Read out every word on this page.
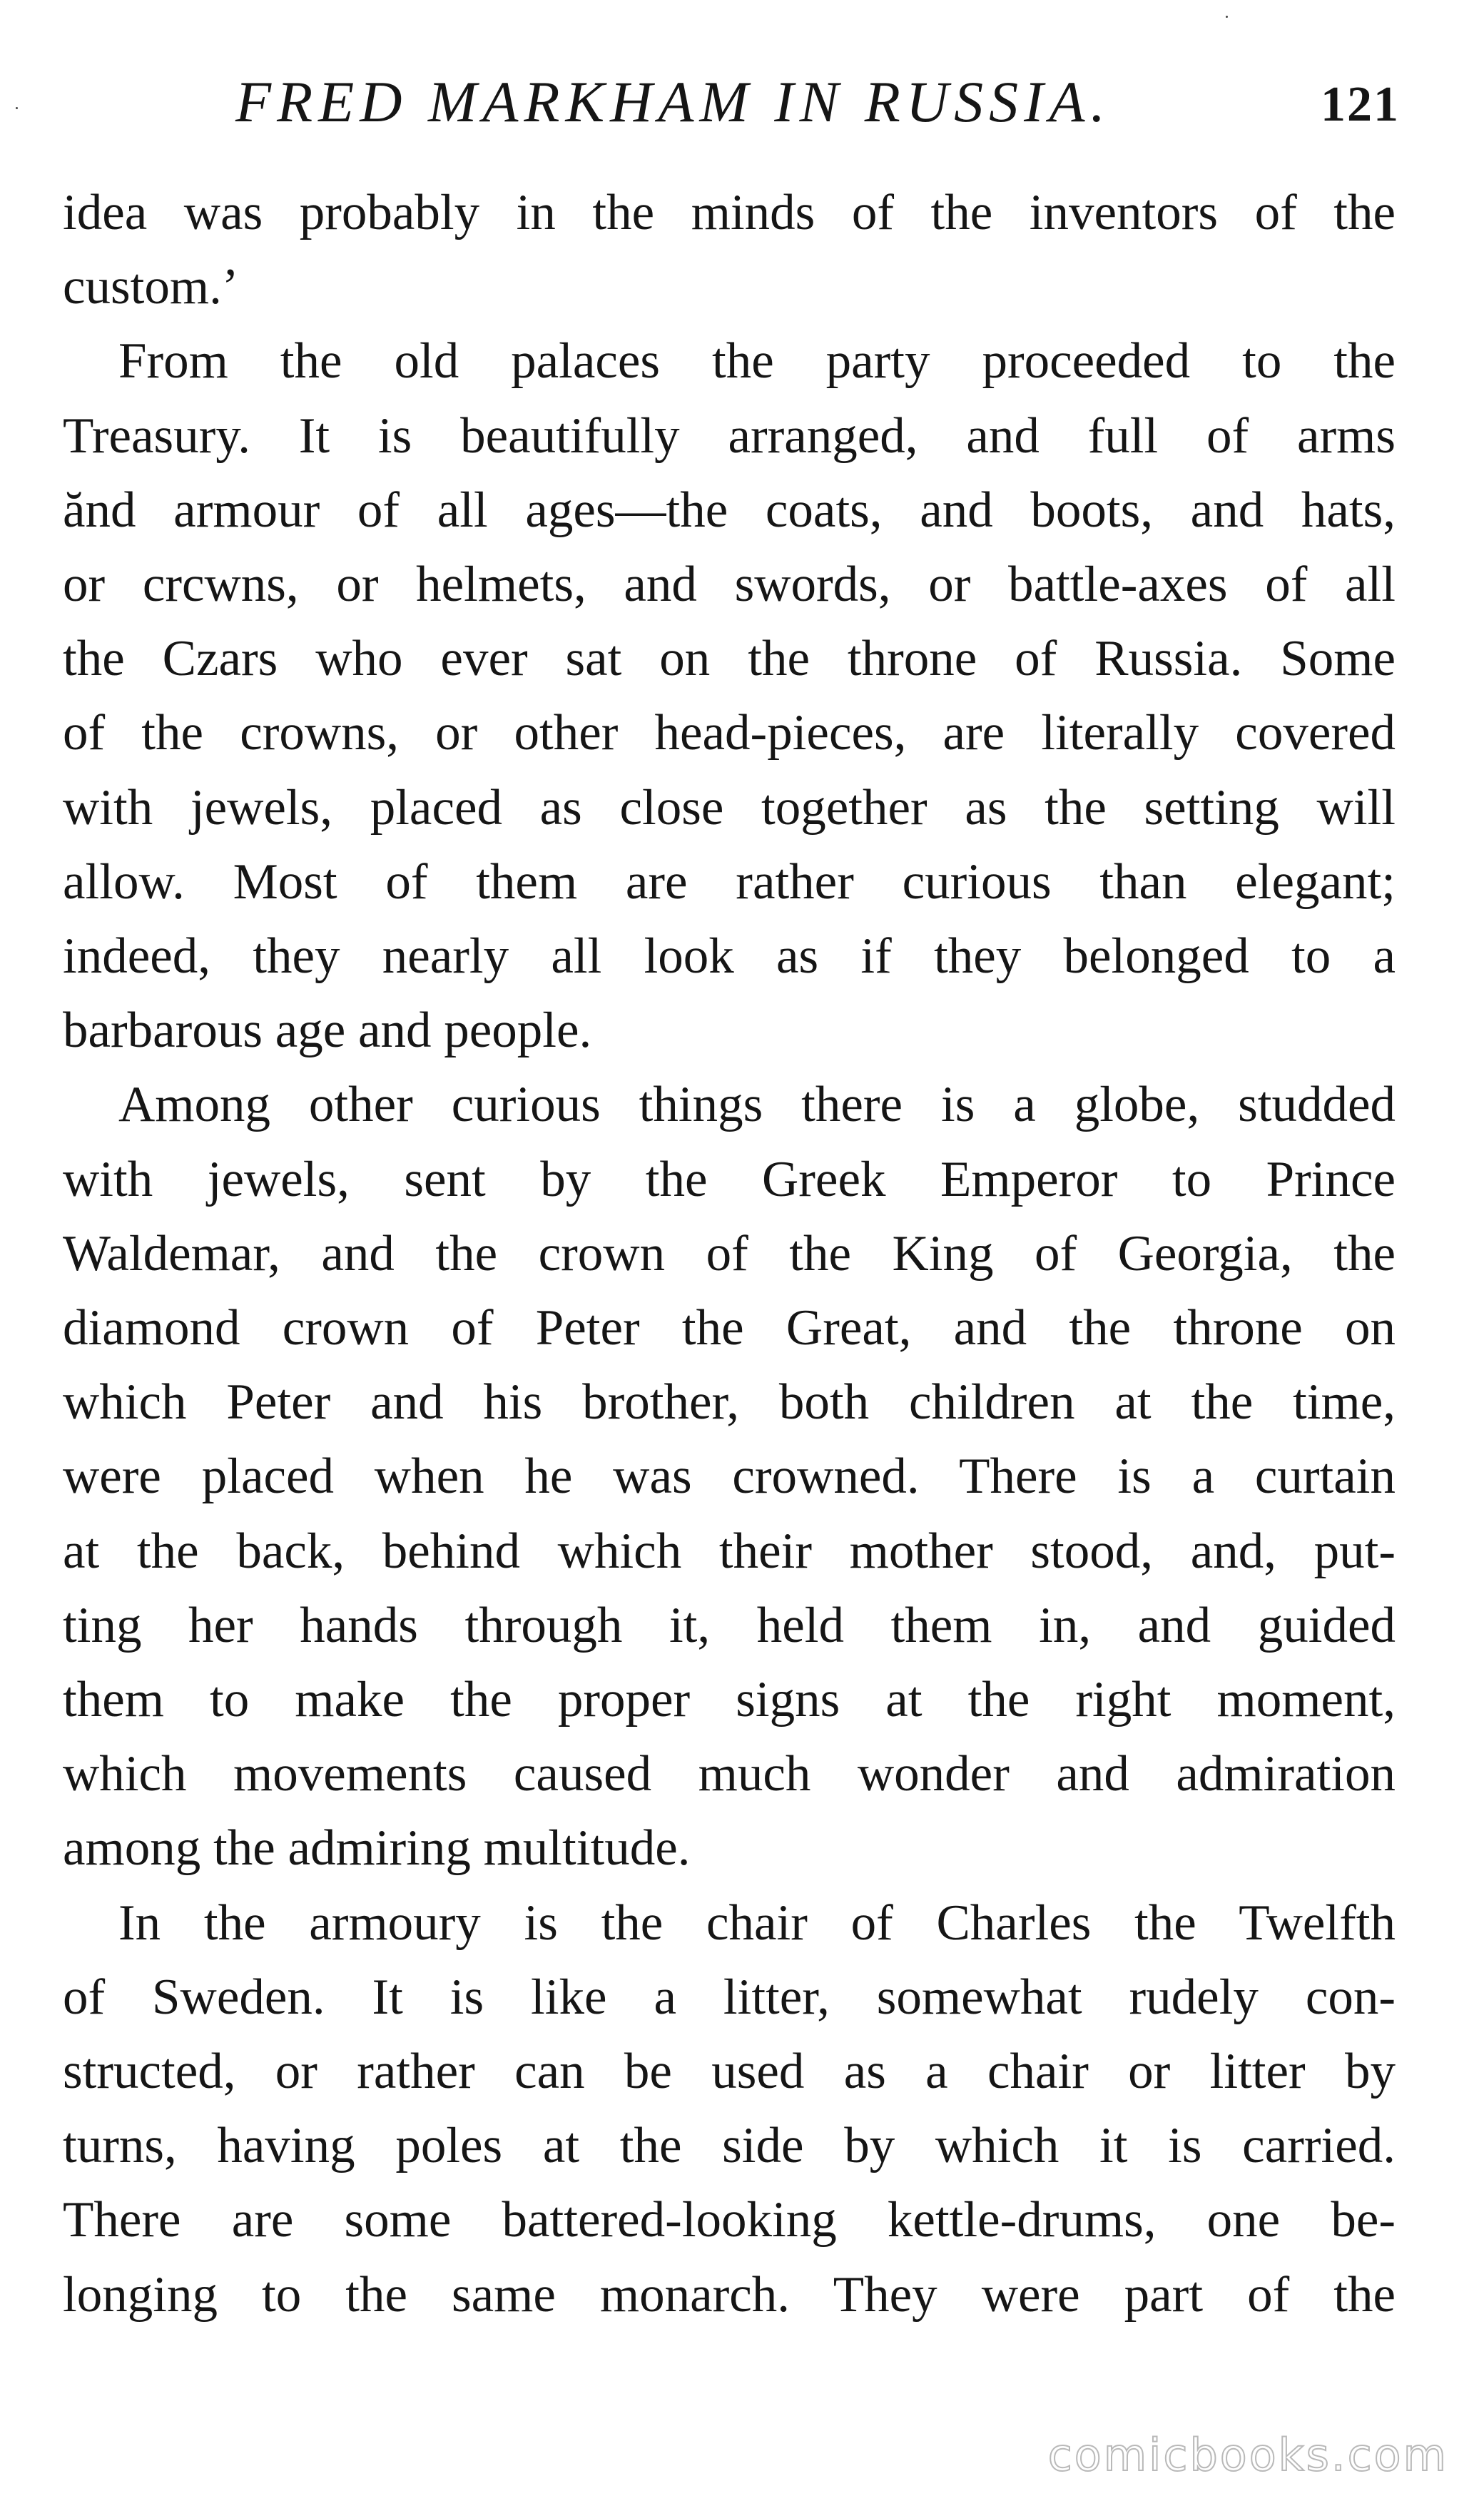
FRED MARKHAM IN RUSSIA.	121

idea was probably in the minds of the inventors of the
custom.’

From the old palaces the party proceeded to the
Treasury. It is beautifully arranged, and full of arms
ănd armour of all ages—the coats, and boots, and hats,
or crcwns, or helmets, and swords, or battle-axes of all
the Czars who ever sat on the throne of Russia. Some
of the crowns, or other head-pieces, are literally covered
with jewels, placed as close together as the setting will
allow. Most of them are rather curious than elegant;
indeed, they nearly all look as if they belonged to a
barbarous age and people.

Among other curious things there is a globe, studded
with jewels, sent by the Greek Emperor to Prince
Waldemar, and the crown of the King of Georgia, the
diamond crown of Peter the Great, and the throne on
which Peter and his brother, both children at the time,
were placed when he was crowned. There is a curtain
at the back, behind which their mother stood, and, put-
ting her hands through it, held them in, and guided
them to make the proper signs at the right moment,
which movements caused much wonder and admiration
among the admiring multitude.

In the armoury is the chair of Charles the Twelfth
of Sweden. It is like a litter, somewhat rudely con-
structed, or rather can be used as a chair or litter by
turns, having poles at the side by which it is carried.
There are some battered-looking kettle-drums, one be-
longing to the same monarch. They were part of the

comicbooks.com
